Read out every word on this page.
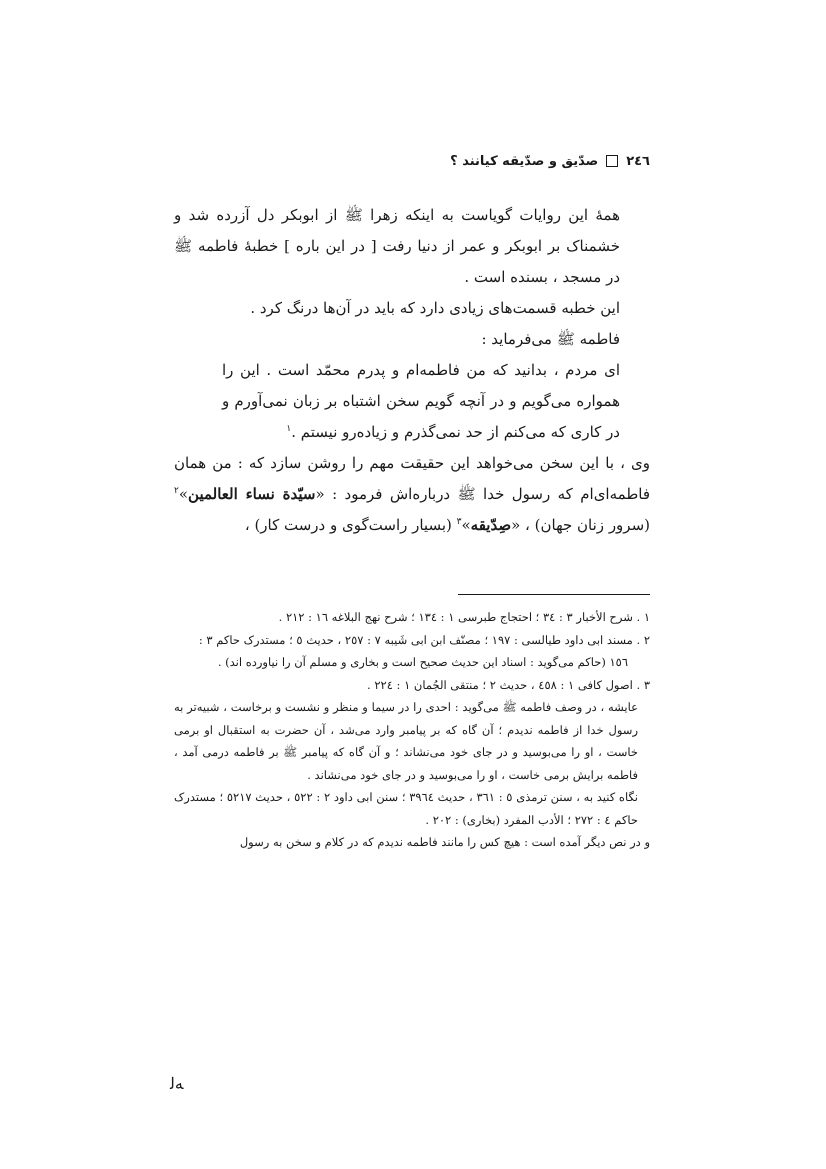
٢٤٦
صدّيق و صدّيقه کيانند ؟

همهٔ اين روايات گوياست به اينكه زهرا ﷺ از ابوبكر دل آزرده شد و خشمناک بر ابوبكر و عمر از دنيا رفت [ در اين باره ] خطبهٔ فاطمه ﷺ در مسجد ، بسنده است .

اين خطبه قسمت‌هاى زيادى دارد كه بايد در آن‌ها درنگ كرد .

فاطمه ﷺ مى‌فرمايد :

اى مردم ، بدانيد كه من فاطمه‌ام و پدرم محمّد است . اين را همواره مى‌گويم و در آنچه گويم سخن اشتباه بر زبان نمى‌آورم و در كارى كه مى‌كنم از حد نمى‌گذرم و زياده‌رو نيستم .$^١$

وى ، با اين سخن مى‌خواهد اين حقيقت مهم را روشن سازد كه : من همان فاطمه‌اى‌ام كه رسول خدا ﷺ درباره‌اش فرمود : «سيّدة نساء العالمين»$^٢$ (سرور زنان جهان) ، «صِدّيقه»$^٣$ (بسيار راست‌گوى و درست كار) ،

١ . شرح الأخبار ٣ : ٣٤ ؛ احتجاج طبرسى ١ : ١٣٤ ؛ شرح نهج البلاغه ١٦ : ٢١٢ .

٢ . مسند ابى داود طيالسى : ١٩٧ ؛ مصنّف ابن ابى شَيبه ٧ : ٢٥٧ ، حديث ٥ ؛ مستدرک حاكم ٣ :

١٥٦ (حاكم مى‌گويد : اسناد اين حديث صحيح است و بخارى و مسلم آن را نياورده اند) .

٣ . اصول كافى ١ : ٤٥٨ ، حديث ٢ ؛ منتقى الجُمان ١ : ٢٢٤ .

عايشه ، در وصف فاطمه ﷺ مى‌گويد : احدى را در سيما و منظر و نشست و برخاست ، شبيه‌تر به رسول خدا از فاطمه نديدم ؛ آن گاه كه بر پيامبر وارد مى‌شد ، آن حضرت به استقبال او برمى خاست ، او را مى‌بوسيد و در جاى خود مى‌نشاند ؛ و آن گاه كه پيامبر ﷺ بر فاطمه درمى آمد ، فاطمه برايش برمى خاست ، او را مى‌بوسيد و در جاى خود مى‌نشاند .

نگاه كنيد به ، سنن ترمذى ٥ : ٣٦١ ، حديث ٣٩٦٤ ؛ سنن ابى داود ٢ : ٥٢٢ ، حديث ٥٢١٧ ؛ مستدرک حاكم ٤ : ٢٧٢ ؛ الأدب المفرد (بخارى) : ٢٠٢ .

و در نص ديگر آمده است : هيچ كس را مانند فاطمه نديدم كه در كلام و سخن به رسول

ﻪﻟ
